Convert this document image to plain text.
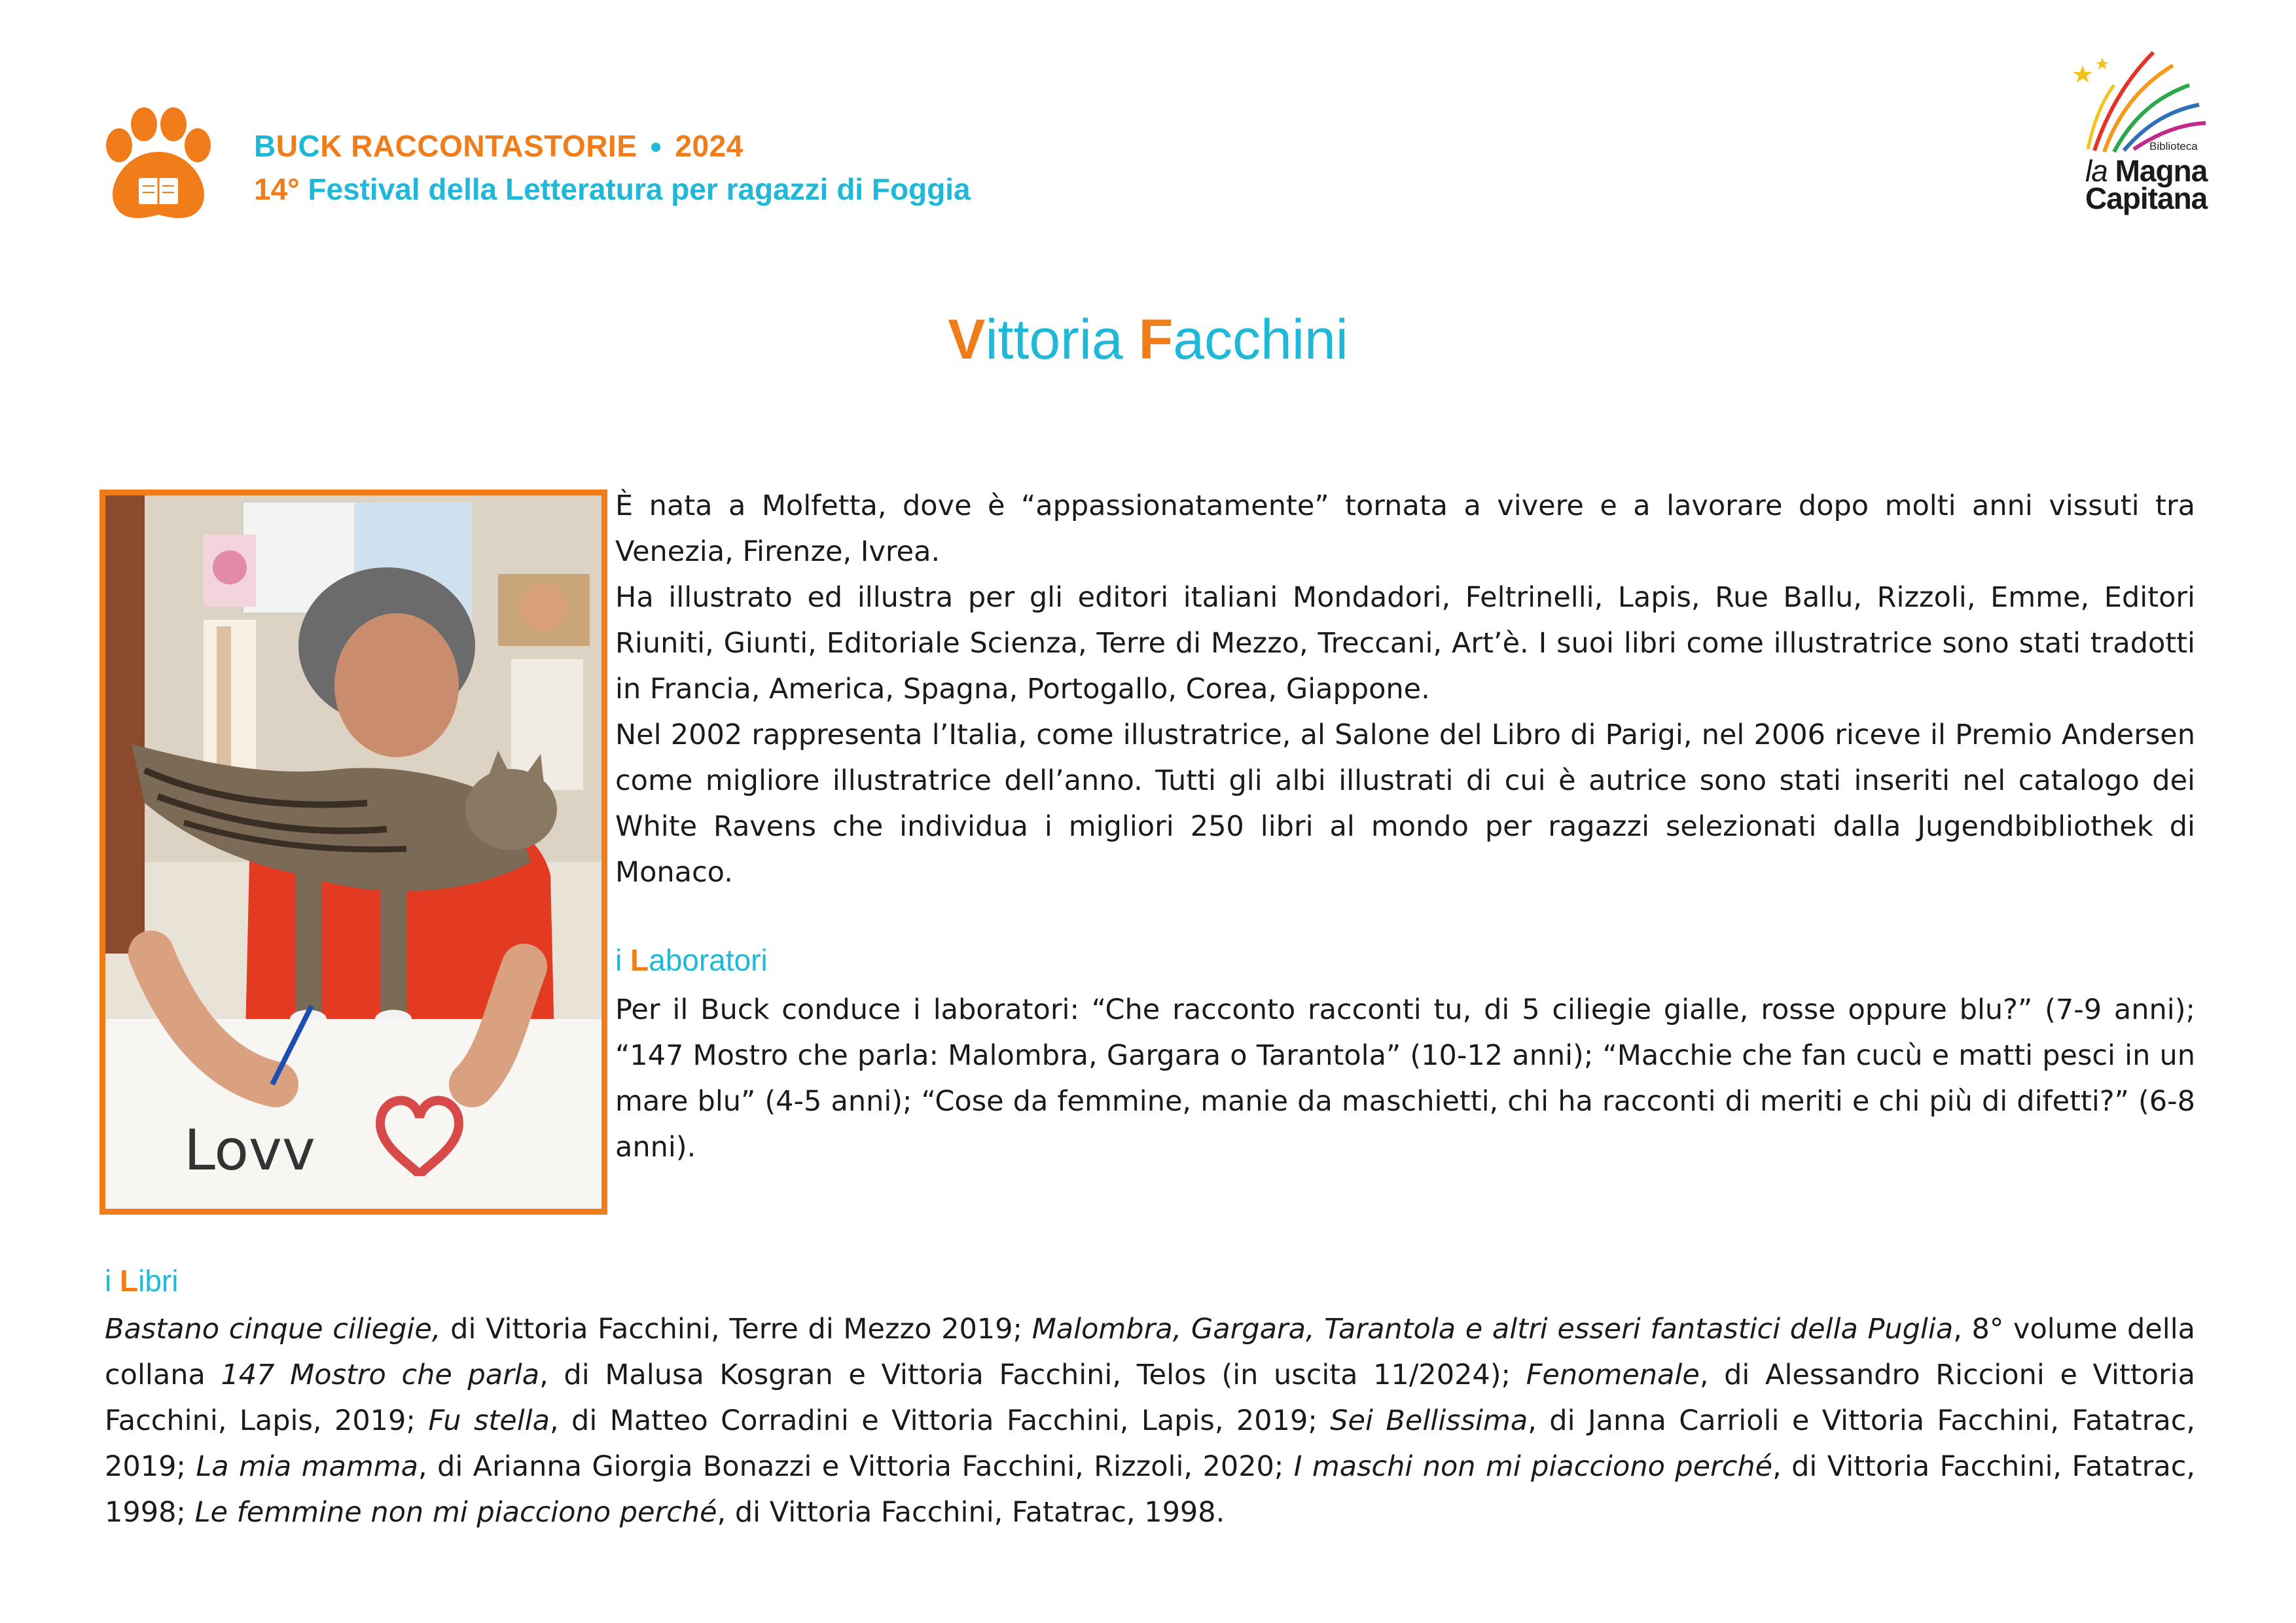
BUCK RACCONTASTORIE 2024
14° Festival della Letteratura per ragazzi di Foggia
Biblioteca
la Magna
Capitana
Vittoria Facchini
Lovv

È nata a Molfetta, dove è “appassionatamente” tornata a vivere e a lavorare dopo molti anni vissuti tra Venezia, Firenze, Ivrea.

Ha illustrato ed illustra per gli editori italiani Mondadori, Feltrinelli, Lapis, Rue Ballu, Rizzoli, Emme, Editori Riuniti, Giunti, Editoriale Scienza, Terre di Mezzo, Treccani, Art’è. I suoi libri come illustratrice sono stati tradotti in Francia, America, Spagna, Portogallo, Corea, Giappone.

Nel 2002 rappresenta l’Italia, come illustratrice, al Salone del Libro di Parigi, nel 2006 riceve il Premio Andersen come migliore illustratrice dell’anno. Tutti gli albi illustrati di cui è autrice sono stati inseriti nel catalogo dei White Ravens che individua i migliori 250 libri al mondo per ragazzi selezionati dalla Jugendbibliothek di Monaco.

i Laboratori

Per il Buck conduce i laboratori: “Che racconto racconti tu, di 5 ciliegie gialle, rosse oppure blu?” (7-9 anni); “147 Mostro che parla: Malombra, Gargara o Tarantola” (10-12 anni); “Macchie che fan cucù e matti pesci in un mare blu” (4-5 anni); “Cose da femmine, manie da maschietti, chi ha racconti di meriti e chi più di difetti?” (6-8 anni).

i Libri

Bastano cinque ciliegie, di Vittoria Facchini, Terre di Mezzo 2019; Malombra, Gargara, Tarantola e altri esseri fantastici della Puglia, 8° volume della collana 147 Mostro che parla, di Malusa Kosgran e Vittoria Facchini, Telos (in uscita 11/2024); Fenomenale, di Alessandro Riccioni e Vittoria Facchini, Lapis, 2019; Fu stella, di Matteo Corradini e Vittoria Facchini, Lapis, 2019; Sei Bellissima, di Janna Carrioli e Vittoria Facchini, Fatatrac, 2019; La mia mamma, di Arianna Giorgia Bonazzi e Vittoria Facchini, Rizzoli, 2020; I maschi non mi piacciono perché, di Vittoria Facchini, Fatatrac, 1998; Le femmine non mi piacciono perché, di Vittoria Facchini, Fatatrac, 1998.
